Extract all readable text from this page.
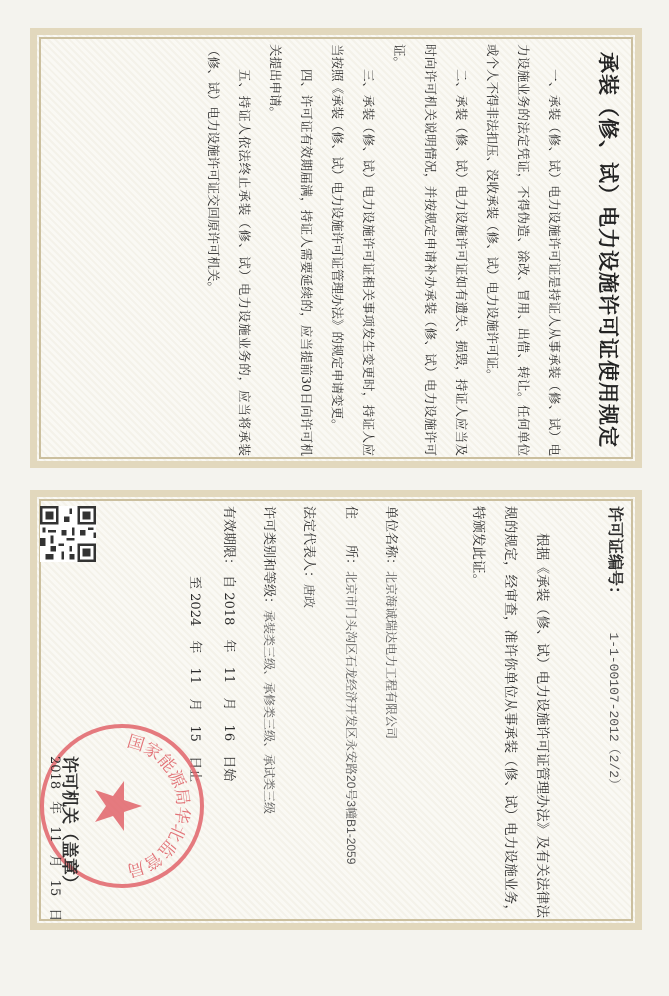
承装（修、试）电力设施许可证使用规定

一、承装（修、试）电力设施许可证是持证人从事承装（修、试）电力设施业务的法定凭证，不得伪造、涂改、冒用、出借、转让。任何单位或个人不得非法扣压、没收承装（修、试）电力设施许可证。

二、承装（修、试）电力设施许可证如有遗失、损毁，持证人应当及时向许可机关说明情况，并按规定申请补办承装（修、试）电力设施许可证。

三、承装（修、试）电力设施许可证相关事项发生变更时，持证人应当按照《承装（修、试）电力设施许可证管理办法》的规定申请变更。

四、许可证有效期届满，持证人需要延续的，应当提前30日向许可机关提出申请。

五、持证人依法终止承装（修、试）电力设施业务的，应当将承装（修、试）电力设施许可证交回原许可机关。

许可证编号： 1-1-00107-2012（2/2）

根据《承装（修、试）电力设施许可证管理办法》及有关法律法规的规定，经审查，准许你单位从事承装（修、试）电力设施业务，特颁发此证。

单位名称：北京海诚瑞达电力工程有限公司
住　　所：北京市门头沟区石龙经济开发区永安路20号3幢B1-2059
法定代表人：唐政
许可类别和等级：承装类三级、承修类三级、承试类三级
有效期限： 自 2018 年 11 月 16 日始
至 2024 年 11 月 15 日止
国家能源局华北监管局
许可机关（盖章）
2018年11月15日
